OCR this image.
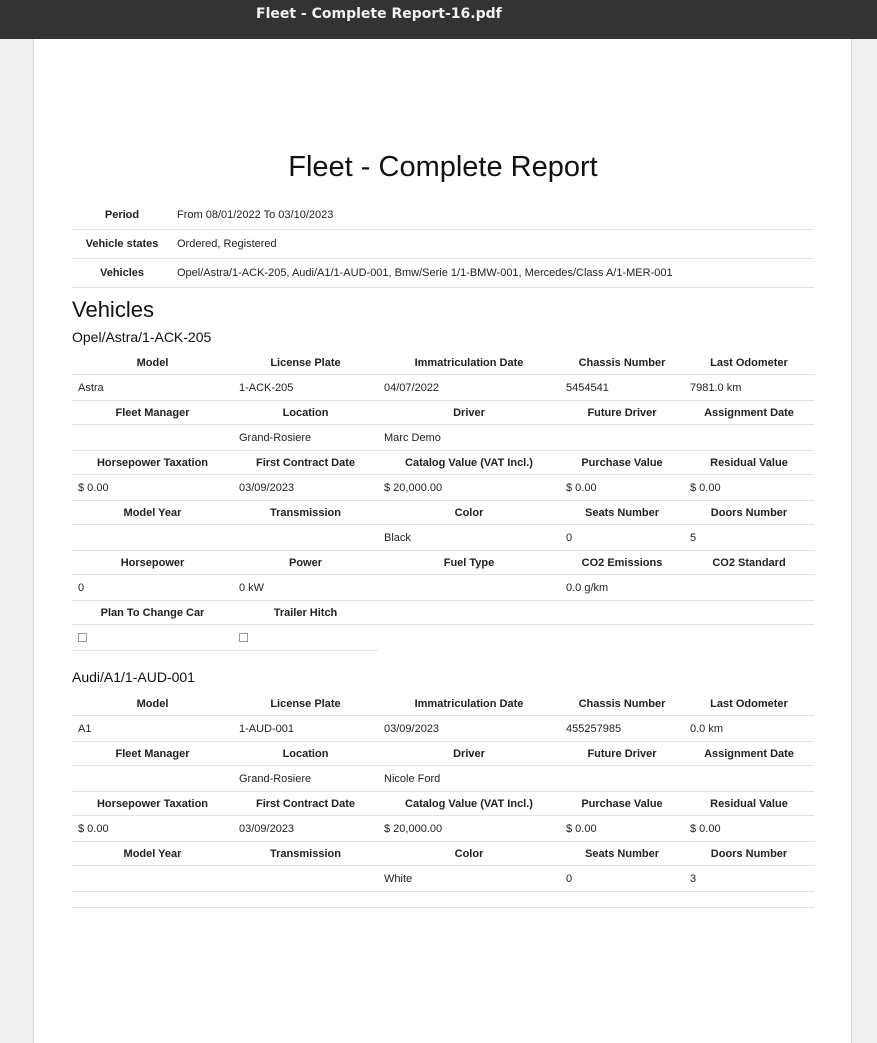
Fleet - Complete Report-16.pdf
Fleet - Complete Report
Period	From 08/01/2022 To 03/10/2023
Vehicle states	Ordered, Registered
Vehicles	Opel/Astra/1-ACK-205, Audi/A1/1-AUD-001, Bmw/Serie 1/1-BMW-001, Mercedes/Class A/1-MER-001
Vehicles
Opel/Astra/1-ACK-205
Model	License Plate	Immatriculation Date	Chassis Number	Last Odometer
Astra	1-ACK-205	04/07/2022	5454541	7981.0 km
Fleet Manager	Location	Driver	Future Driver	Assignment Date
	Grand-Rosiere	Marc Demo		
Horsepower Taxation	First Contract Date	Catalog Value (VAT Incl.)	Purchase Value	Residual Value
$ 0.00	03/09/2023	$ 20,000.00	$ 0.00	$ 0.00
Model Year	Transmission	Color	Seats Number	Doors Number
		Black	0	5
Horsepower	Power	Fuel Type	CO2 Emissions	CO2 Standard
0	0 kW		0.0 g/km	
Plan To Change Car	Trailer Hitch			

Audi/A1/1-AUD-001
Model	License Plate	Immatriculation Date	Chassis Number	Last Odometer
A1	1-AUD-001	03/09/2023	455257985	0.0 km
Fleet Manager	Location	Driver	Future Driver	Assignment Date
	Grand-Rosiere	Nicole Ford		
Horsepower Taxation	First Contract Date	Catalog Value (VAT Incl.)	Purchase Value	Residual Value
$ 0.00	03/09/2023	$ 20,000.00	$ 0.00	$ 0.00
Model Year	Transmission	Color	Seats Number	Doors Number
		White	0	3
